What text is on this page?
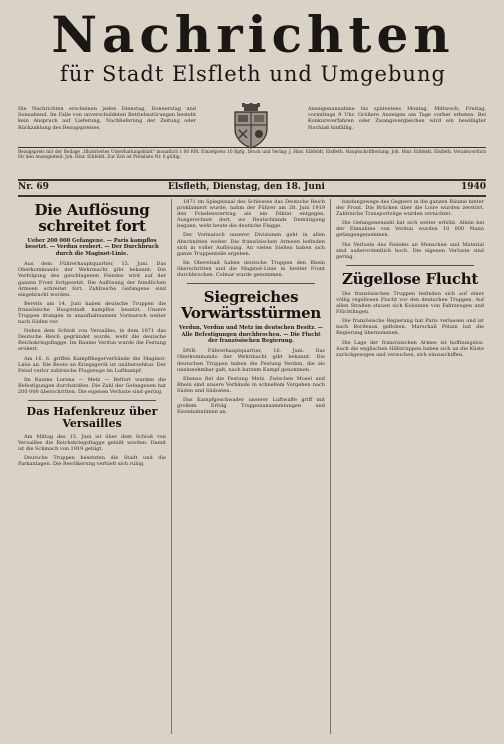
Nachrichten
für Stadt Elsfleth und Umgebung
Die Nachrichten erscheinen jeden Dienstag, Donnerstag und Sonnabend. Im Falle von unverschuldeten Betriebsstörungen besteht kein Anspruch auf Lieferung, Nachlieferung der Zeitung oder Rückzahlung des Bezugspreises.
Anzeigenannahme bis spätestens Montag, Mittwoch, Freitag, vormittags 9 Uhr. Größere Anzeigen am Tage vorher erbeten. Bei Konkursverfahren oder Zwangsvergleichen wird ein bewilligter Nachlaß hinfällig.
Bezugspreis mit der Beilage „Illustriertes Unterhaltungsblatt" monatlich 1.00 RM. Einzelpreis 10 Rpfg. Druck und Verlag: J. Hinr. Eißfeldt, Elsfleth. Hauptschriftleitung: Joh. Hinr. Eißfeldt, Elsfleth. Verantwortlich für den Anzeigenteil: Joh. Hinr. Eißfeldt. Zur Zeit ist Preisliste Nr. 6 gültig.
Nr. 69	Elsfleth, Dienstag, den 18. Juni	1940
Die Auflösung schreitet fort
Ueber 200 000 Gefangene. — Paris kampflos besetzt. — Verdun erobert. — Der Durchbruch durch die Maginot-Linie.

Aus dem Führerhauptquartier, 15. Juni. Das Oberkommando der Wehrmacht gibt bekannt: Die Verfolgung des geschlagenen Feindes wird auf der ganzen Front fortgesetzt. Die Auflösung der feindlichen Armeen schreitet fort. Zahlreiche Gefangene sind eingebracht worden.

Bereits am 14. Juni haben deutsche Truppen die französische Hauptstadt kampflos besetzt. Unsere Truppen drangen in unaufhaltsamem Vormarsch weiter nach Süden vor.

Neben dem Schloß von Versailles, in dem 1871 das Deutsche Reich gegründet wurde, weht die deutsche Reichskriegsflagge. Im Raume Verdun wurde die Festung erobert.

Am 16. 6. griffen Kampffliegerverbände die Maginot-Linie an. Die Beute an Kriegsgerät ist unübersehbar. Der Feind verlor zahlreiche Flugzeuge im Luftkampf.

Im Raume Lorena — Metz — Belfort wurden die Befestigungen durchstoßen. Die Zahl der Gefangenen hat 200 000 überschritten. Die eigenen Verluste sind gering.

Das Hafenkreuz über Versailles

Am Mittag des 15. Juni ist über dem Schloß von Versailles die Reichskriegsflagge gehißt worden. Damit ist die Schmach von 1919 getilgt.

Deutsche Truppen besetzten die Stadt und die Parkanlagen. Die Bevölkerung verhielt sich ruhig.

1871 im Spiegelsaal des Schlosses das Deutsche Reich proklamiert wurde, nahm der Führer am 28. Juni 1919 den Friedensvertrag als ein Diktat entgegen. Ausgerechnet dort, wo Deutschlands Demütigung begann, weht heute die deutsche Flagge.

Der Vormarsch unserer Divisionen geht in allen Abschnitten weiter. Die französischen Armeen befinden sich in voller Auflösung. An vielen Stellen haben sich ganze Truppenteile ergeben.

Im Oberelsaß haben deutsche Truppen den Rhein überschritten und die Maginot-Linie in breiter Front durchbrochen. Colmar wurde genommen.

Siegreiches Vorwärtsstürmen
Verdun, Verdun und Metz im deutschen Besitz. — Alle Befestigungen durchbrochen. — Die Flucht der französischen Regierung.

DNB. Führerhauptquartier, 16. Juni. Das Oberkommando der Wehrmacht gibt bekannt: Die deutschen Truppen haben die Festung Verdun, die als uneinnehmbar galt, nach kurzem Kampf genommen.

Ebenso fiel die Festung Metz. Zwischen Mosel und Rhein sind unsere Verbände in schnellem Vorgehen nach Süden und Südosten.

Das Kampfgeschwader unserer Luftwaffe griff mit großem Erfolg Truppenansammlungen und Eisenbahnlinien an.

bindungswege des Gegners in die ganzen Räume hinter der Front. Die Brücken über die Loire wurden zerstört. Zahlreiche Transportzüge wurden vernichtet.

Die Gefangenenzahl hat sich weiter erhöht. Allein bei der Einnahme von Verdun wurden 10 000 Mann gefangengenommen.

Die Verluste des Feindes an Menschen und Material sind außerordentlich hoch. Die eigenen Verluste sind gering.

Zügellose Flucht

Die französischen Truppen befinden sich auf einer völlig regellosen Flucht vor den deutschen Truppen. Auf allen Straßen stauen sich Kolonnen von Fahrzeugen und Flüchtlingen.

Die französische Regierung hat Paris verlassen und ist nach Bordeaux geflohen. Marschall Pétain hat die Regierung übernommen.

Die Lage der französischen Armee ist hoffnungslos. Auch die englischen Hilfstruppen haben sich an die Küste zurückgezogen und versuchen, sich einzuschiffen.
